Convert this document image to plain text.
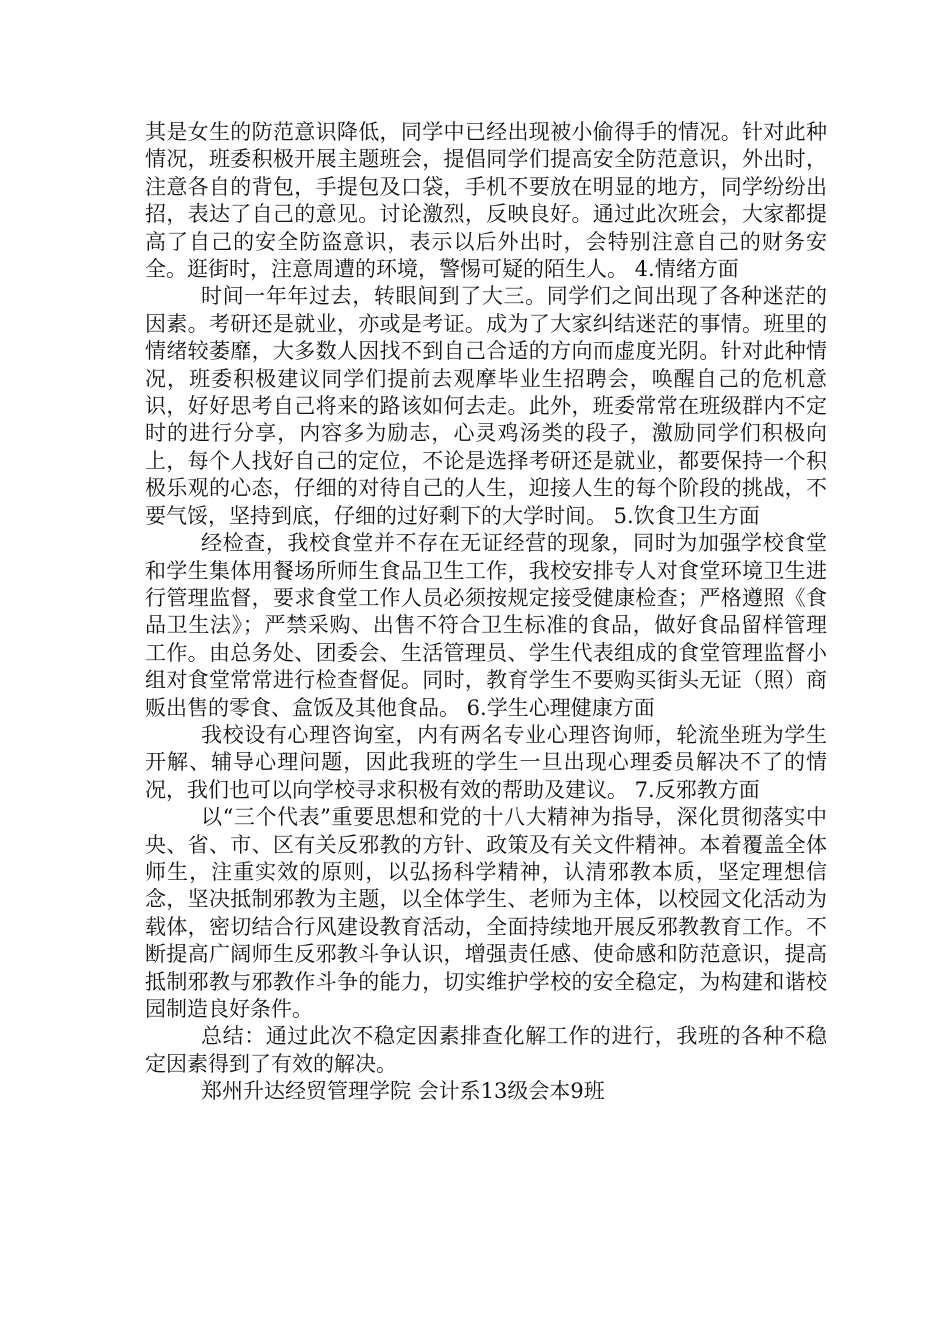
其是女生的防范意识降低，同学中已经出现被小偷得手的情况。针对此种情况，班委积极开展主题班会，提倡同学们提高安全防范意识，外出时，注意各自的背包，手提包及口袋，手机不要放在明显的地方，同学纷纷出招，表达了自己的意见。讨论激烈，反映良好。通过此次班会，大家都提高了自己的安全防盗意识，表示以后外出时，会特别注意自己的财务安全。逛街时，注意周遭的环境，警惕可疑的陌生人。 4.情绪方面

时间一年年过去，转眼间到了大三。同学们之间出现了各种迷茫的因素。考研还是就业，亦或是考证。成为了大家纠结迷茫的事情。班里的情绪较萎靡，大多数人因找不到自己合适的方向而虚度光阴。针对此种情况，班委积极建议同学们提前去观摩毕业生招聘会，唤醒自己的危机意识，好好思考自己将来的路该如何去走。此外，班委常常在班级群内不定时的进行分享，内容多为励志，心灵鸡汤类的段子，激励同学们积极向上，每个人找好自己的定位，不论是选择考研还是就业，都要保持一个积极乐观的心态，仔细的对待自己的人生，迎接人生的每个阶段的挑战，不要气馁，坚持到底，仔细的过好剩下的大学时间。 5.饮食卫生方面

经检查，我校食堂并不存在无证经营的现象，同时为加强学校食堂和学生集体用餐场所师生食品卫生工作，我校安排专人对食堂环境卫生进行管理监督，要求食堂工作人员必须按规定接受健康检查；严格遵照《食品卫生法》；严禁采购、出售不符合卫生标准的食品，做好食品留样管理工作。由总务处、团委会、生活管理员、学生代表组成的食堂管理监督小组对食堂常常进行检查督促。同时，教育学生不要购买街头无证（照）商贩出售的零食、盒饭及其他食品。 6.学生心理健康方面

我校设有心理咨询室，内有两名专业心理咨询师，轮流坐班为学生开解、辅导心理问题，因此我班的学生一旦出现心理委员解决不了的情况，我们也可以向学校寻求积极有效的帮助及建议。 7.反邪教方面

以“三个代表”重要思想和党的十八大精神为指导，深化贯彻落实中央、省、市、区有关反邪教的方针、政策及有关文件精神。本着覆盖全体师生，注重实效的原则，以弘扬科学精神，认清邪教本质，坚定理想信念，坚决抵制邪教为主题，以全体学生、老师为主体，以校园文化活动为载体，密切结合行风建设教育活动，全面持续地开展反邪教教育工作。不断提高广阔师生反邪教斗争认识，增强责任感、使命感和防范意识，提高抵制邪教与邪教作斗争的能力，切实维护学校的安全稳定，为构建和谐校园制造良好条件。

总结：通过此次不稳定因素排查化解工作的进行，我班的各种不稳定因素得到了有效的解决。

郑州升达经贸管理学院 会计系13级会本9班
